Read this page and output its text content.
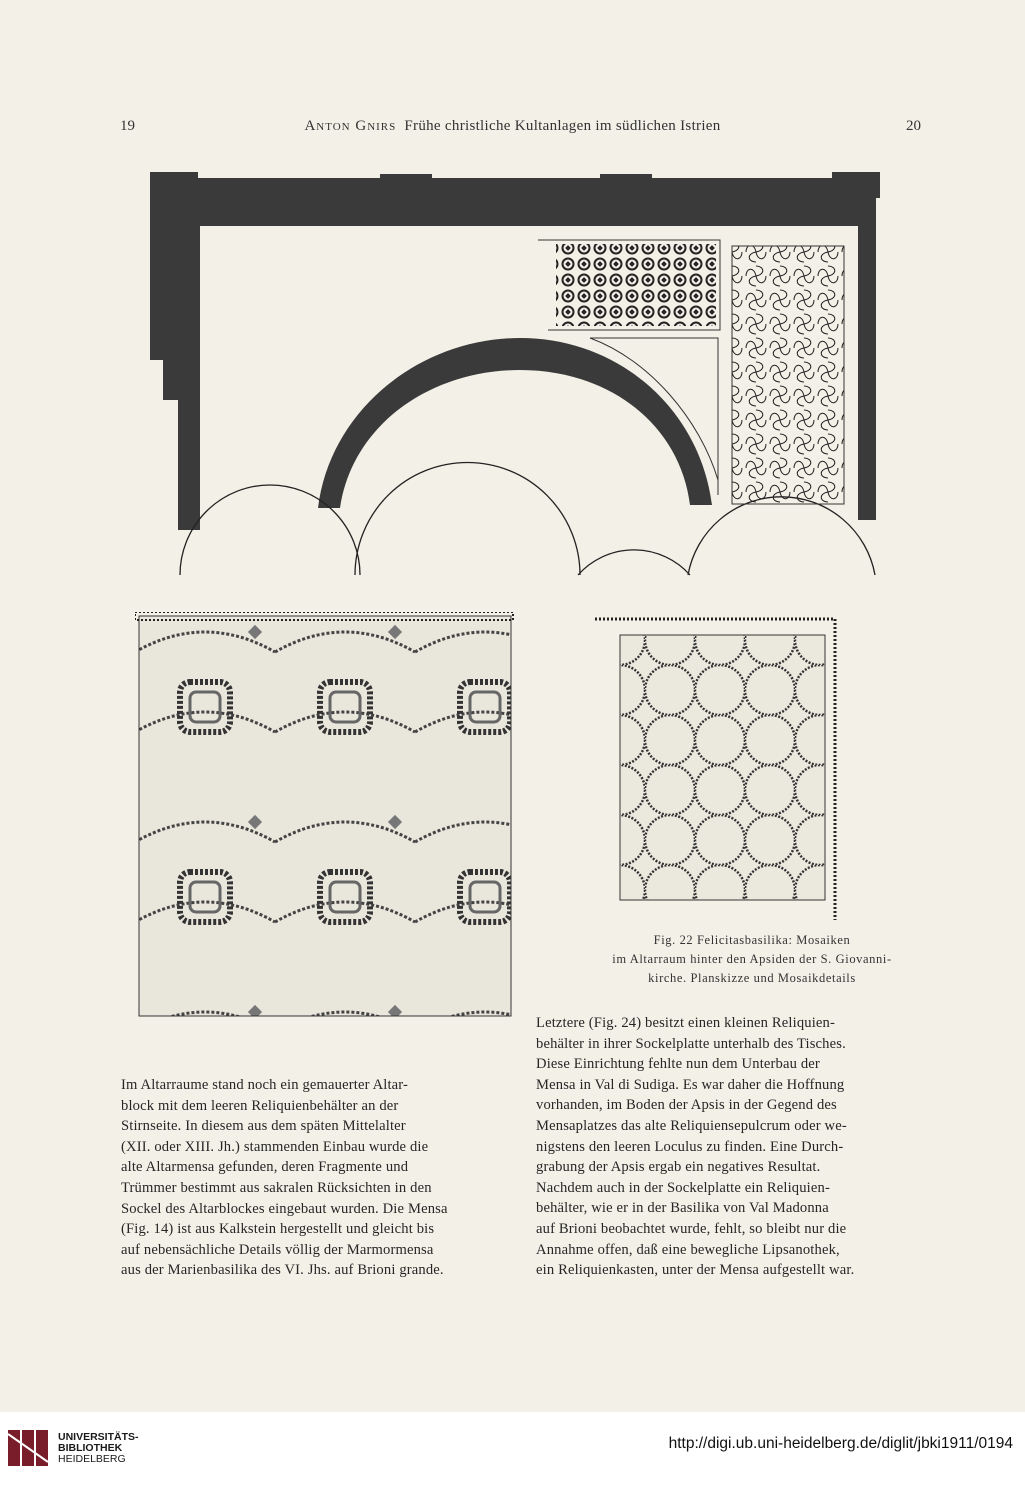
19	Anton Gnirs Frühe christliche Kultanlagen im südlichen Istrien	20
Fig. 22 Felicitasbasilika: Mosaiken
im Altarraum hinter den Apsiden der S. Giovanni-
kirche. Planskizze und Mosaikdetails

Im Altarraume stand noch ein gemauerter Altar-

block mit dem leeren Reliquienbehälter an der

Stirnseite. In diesem aus dem späten Mittelalter

(XII. oder XIII. Jh.) stammenden Einbau wurde die

alte Altarmensa gefunden, deren Fragmente und

Trümmer bestimmt aus sakralen Rücksichten in den

Sockel des Altarblockes eingebaut wurden. Die Mensa

(Fig. 14) ist aus Kalkstein hergestellt und gleicht bis

auf nebensächliche Details völlig der Marmormensa

aus der Marienbasilika des VI. Jhs. auf Brioni grande.

Letztere (Fig. 24) besitzt einen kleinen Reliquien-

behälter in ihrer Sockelplatte unterhalb des Tisches.

Diese Einrichtung fehlte nun dem Unterbau der

Mensa in Val di Sudiga. Es war daher die Hoffnung

vorhanden, im Boden der Apsis in der Gegend des

Mensaplatzes das alte Reliquiensepulcrum oder we-

nigstens den leeren Loculus zu finden. Eine Durch-

grabung der Apsis ergab ein negatives Resultat.

Nachdem auch in der Sockelplatte ein Reliquien-

behälter, wie er in der Basilika von Val Madonna

auf Brioni beobachtet wurde, fehlt, so bleibt nur die

Annahme offen, daß eine bewegliche Lipsanothek,

ein Reliquienkasten, unter der Mensa aufgestellt war.

UNIVERSITÄTS-
BIBLIOTHEK
HEIDELBERG
http://digi.ub.uni-heidelberg.de/diglit/jbki1911/0194
